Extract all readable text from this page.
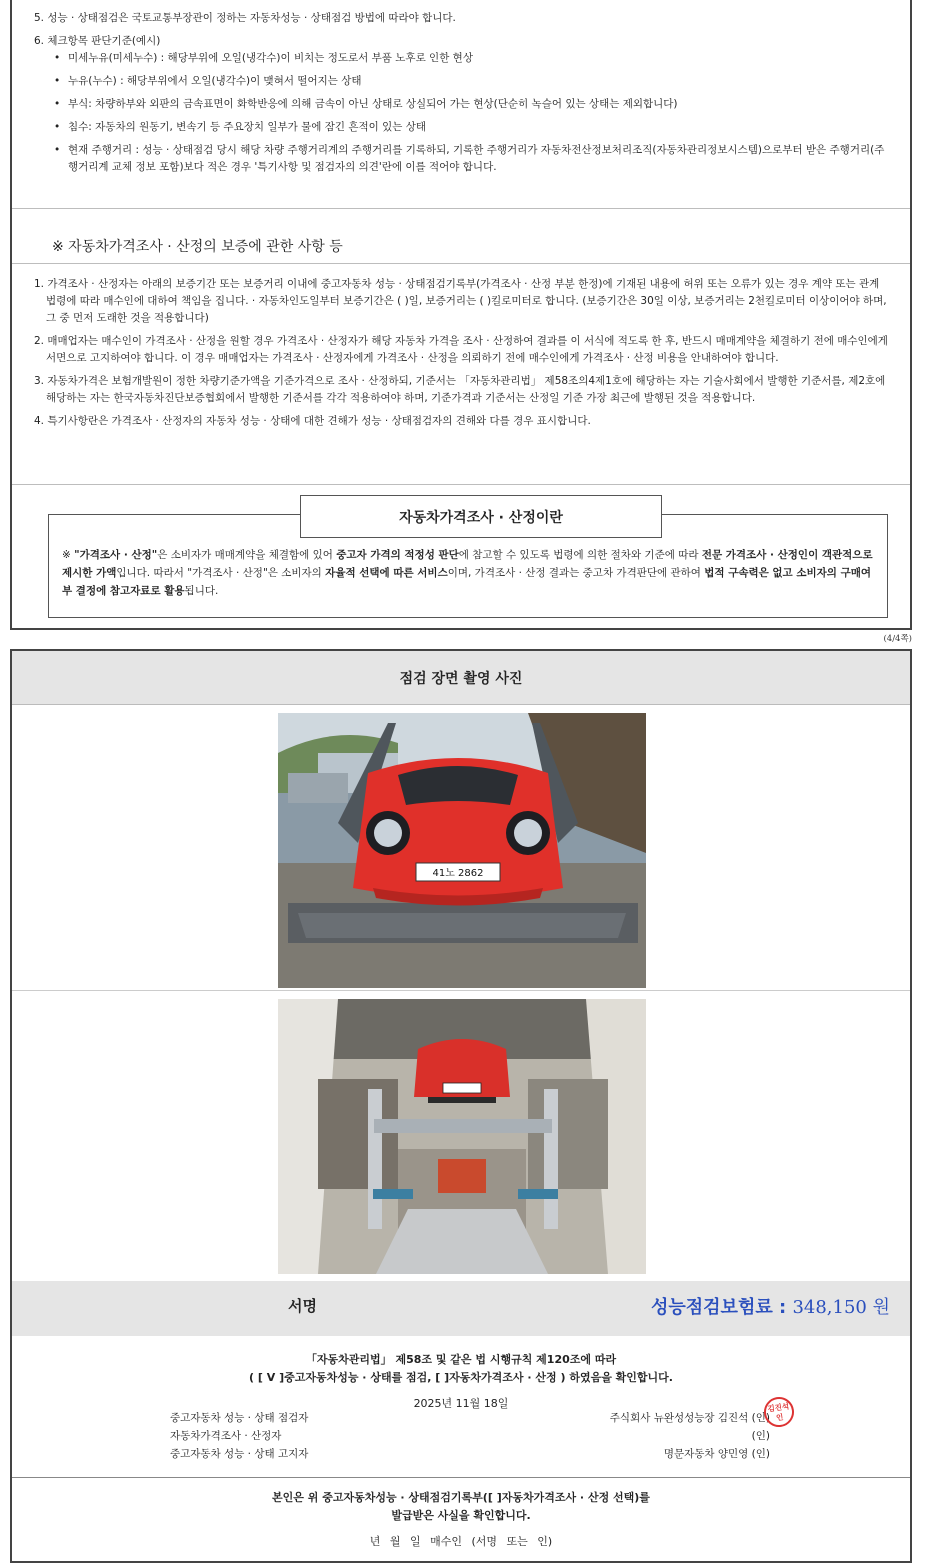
5. 성능 · 상태점검은 국토교통부장관이 정하는 자동차성능 · 상태점검 방법에 따라야 합니다.
6. 체크항목 판단기준(예시)
• 미세누유(미세누수) : 해당부위에 오일(냉각수)이 비치는 정도로서 부품 노후로 인한 현상
• 누유(누수) : 해당부위에서 오일(냉각수)이 맺혀서 떨어지는 상태
• 부식: 차량하부와 외판의 금속표면이 화학반응에 의해 금속이 아닌 상태로 상실되어 가는 현상(단순히 녹슬어 있는 상태는 제외합니다)
• 침수: 자동차의 원동기, 변속기 등 주요장치 일부가 물에 잠긴 흔적이 있는 상태
• 현재 주행거리 : 성능 · 상태점검 당시 해당 차량 주행거리계의 주행거리를 기록하되, 기록한 주행거리가 자동차전산정보처리조직(자동차관리정보시스템)으로부터 받은 주행거리(주행거리계 교체 정보 포함)보다 적은 경우 '특기사항 및 점검자의 의견'란에 이를 적어야 합니다.
※ 자동차가격조사 · 산정의 보증에 관한 사항 등
1. 가격조사 · 산정자는 아래의 보증기간 또는 보증거리 이내에 중고자동차 성능 · 상태점검기록부(가격조사 · 산정 부분 한정)에 기재된 내용에 허위 또는 오류가 있는 경우 계약 또는 관계법령에 따라 매수인에 대하여 책임을 집니다. · 자동차인도일부터 보증기간은 ( )일, 보증거리는 ( )킬로미터로 합니다. (보증기간은 30일 이상, 보증거리는 2천킬로미터 이상이어야 하며, 그 중 먼저 도래한 것을 적용합니다)
2. 매매업자는 매수인이 가격조사 · 산정을 원할 경우 가격조사 · 산정자가 해당 자동차 가격을 조사 · 산정하여 결과를 이 서식에 적도록 한 후, 반드시 매매계약을 체결하기 전에 매수인에게 서면으로 고지하여야 합니다. 이 경우 매매업자는 가격조사 · 산정자에게 가격조사 · 산정을 의뢰하기 전에 매수인에게 가격조사 · 산정 비용을 안내하여야 합니다.
3. 자동차가격은 보험개발원이 정한 차량기준가액을 기준가격으로 조사 · 산정하되, 기준서는 「자동차관리법」 제58조의4제1호에 해당하는 자는 기술사회에서 발행한 기준서를, 제2호에 해당하는 자는 한국자동차진단보증협회에서 발행한 기준서를 각각 적용하여야 하며, 기준가격과 기준서는 산정일 기준 가장 최근에 발행된 것을 적용합니다.
4. 특기사항란은 가격조사 · 산정자의 자동차 성능 · 상태에 대한 견해가 성능 · 상태점검자의 견해와 다를 경우 표시합니다.
자동차가격조사 · 산정이란
※ "가격조사 · 산정"은 소비자가 매매계약을 체결함에 있어 중고자 가격의 적정성 판단에 참고할 수 있도록 법령에 의한 절차와 기준에 따라 전문 가격조사 · 산정인이 객관적으로 제시한 가액입니다. 따라서 "가격조사 · 산정"은 소비자의 자율적 선택에 따른 서비스이며, 가격조사 · 산정 결과는 중고차 가격판단에 관하여 법적 구속력은 없고 소비자의 구매여부 결정에 참고자료로 활용됩니다.
(4/4쪽)
점검 장면 촬영 사진
41노 2862
서명	성능점검보험료 : 348,150 원
「자동차관리법」 제58조 및 같은 법 시행규칙 제120조에 따라
( [ V ]중고자동차성능 · 상태를 점검, [ ]자동차가격조사 · 산정 ) 하였음을 확인합니다.
2025년 11월 18일
중고자동차 성능 · 상태 점검자
자동차가격조사 · 산정자
중고자동차 성능 · 상태 고지자
주식회사 뉴완성성능장 김진석 (인)
(인)
명문자동차 양민영 (인)
김진석인
본인은 위 중고자동차성능 · 상태점검기록부([ ]자동차가격조사 · 산정 선택)를
발급받은 사실을 확인합니다.
년 월 일 매수인 (서명 또는 인)
